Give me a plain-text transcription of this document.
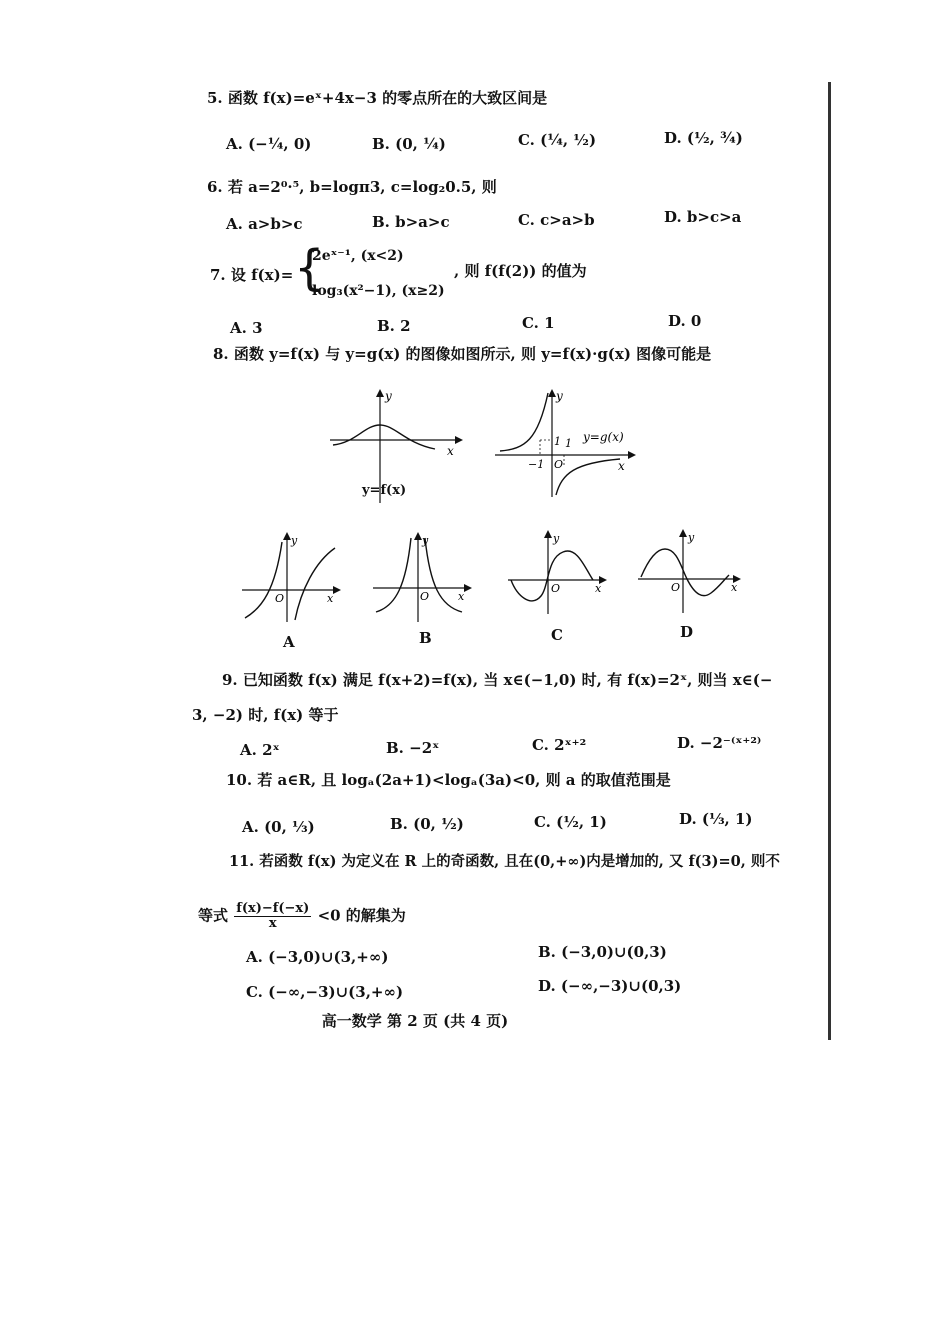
5. 函数 f(x)=eˣ+4x−3 的零点所在的大致区间是
A. (−¼, 0)	B. (0, ¼)	C. (¼, ½)	D. (½, ¾)
6. 若 a=2⁰·⁵, b=logπ3, c=log₂0.5, 则
A. a>b>c	B. b>a>c	C. c>a>b	D. b>c>a
7. 设 f(x)= {
2eˣ⁻¹, (x<2)
log₃(x²−1), (x≥2)
, 则 f(f(2)) 的值为
A. 3	B. 2	C. 1	D. 0
8. 函数 y=f(x) 与 y=g(x) 的图像如图所示, 则 y=f(x)·g(x) 图像可能是
y
x
y=f(x)
y
x
1 1
−1 O
y=g(x)
y
x
O
A
y
x
O
B
y
x
O
C
y
x
O
D
9. 已知函数 f(x) 满足 f(x+2)=f(x), 当 x∈(−1,0) 时, 有 f(x)=2ˣ, 则当 x∈(−
3, −2) 时, f(x) 等于
A. 2ˣ	B. −2ˣ	C. 2ˣ⁺²	D. −2⁻⁽ˣ⁺²⁾
10. 若 a∈R, 且 logₐ(2a+1)<logₐ(3a)<0, 则 a 的取值范围是
A. (0, ⅓)	B. (0, ½)	C. (½, 1)	D. (⅓, 1)
11. 若函数 f(x) 为定义在 R 上的奇函数, 且在(0,+∞)内是增加的, 又 f(3)=0, 则不
等式 $\frac{f(x)-f(-x)}{x} <0$ 的解集为
A. (−3,0)∪(3,+∞)	B. (−3,0)∪(0,3)
C. (−∞,−3)∪(3,+∞)	D. (−∞,−3)∪(0,3)
高一数学 第 2 页 (共 4 页)
